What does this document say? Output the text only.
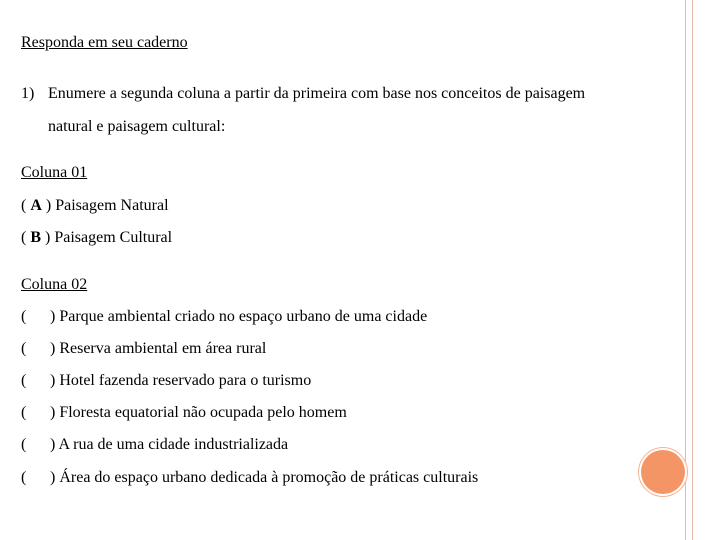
Responda em seu caderno
1) Enumere a segunda coluna a partir da primeira com base nos conceitos de paisagem
natural e paisagem cultural:
Coluna 01
( A ) Paisagem Natural
( B ) Paisagem Cultural
Coluna 02
( ) Parque ambiental criado no espaço urbano de uma cidade
( ) Reserva ambiental em área rural
( ) Hotel fazenda reservado para o turismo
( ) Floresta equatorial não ocupada pelo homem
( ) A rua de uma cidade industrializada
( ) Área do espaço urbano dedicada à promoção de práticas culturais
